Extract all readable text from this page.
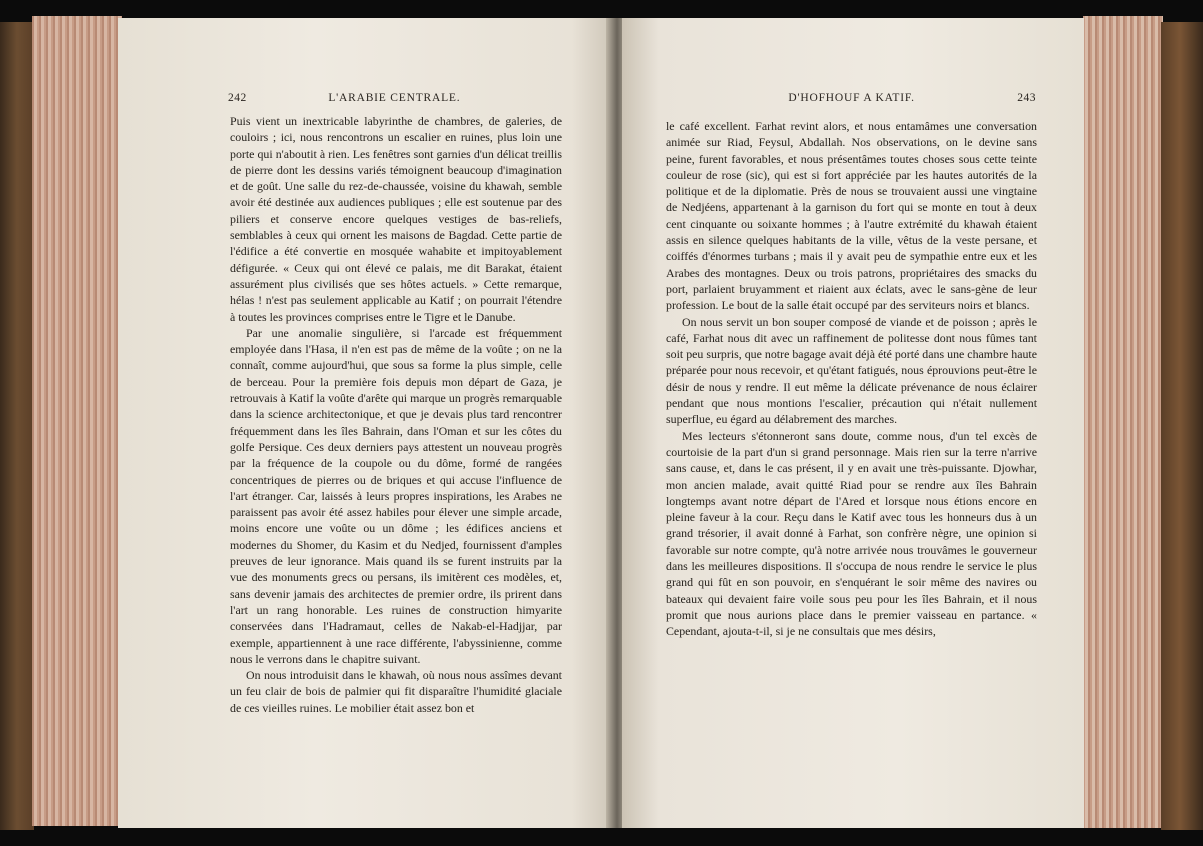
242	L'ARABIE CENTRALE.

Puis vient un inextricable labyrinthe de chambres, de galeries, de couloirs ; ici, nous rencontrons un escalier en ruines, plus loin une porte qui n'aboutit à rien. Les fenêtres sont garnies d'un délicat treillis de pierre dont les dessins variés témoignent beaucoup d'imagination et de goût. Une salle du rez-de-chaussée, voisine du khawah, semble avoir été destinée aux audiences publiques ; elle est soutenue par des piliers et conserve encore quelques vestiges de bas-reliefs, semblables à ceux qui ornent les maisons de Bagdad. Cette partie de l'édifice a été convertie en mosquée wahabite et impitoyablement défigurée. « Ceux qui ont élevé ce palais, me dit Barakat, étaient assurément plus civilisés que ses hôtes actuels. » Cette remarque, hélas ! n'est pas seulement applicable au Katif ; on pourrait l'étendre à toutes les provinces comprises entre le Tigre et le Danube.

Par une anomalie singulière, si l'arcade est fréquemment employée dans l'Hasa, il n'en est pas de même de la voûte ; on ne la connaît, comme aujourd'hui, que sous sa forme la plus simple, celle de berceau. Pour la première fois depuis mon départ de Gaza, je retrouvais à Katif la voûte d'arête qui marque un progrès remarquable dans la science architectonique, et que je devais plus tard rencontrer fréquemment dans les îles Bahrain, dans l'Oman et sur les côtes du golfe Persique. Ces deux derniers pays attestent un nouveau progrès par la fréquence de la coupole ou du dôme, formé de rangées concentriques de pierres ou de briques et qui accuse l'influence de l'art étranger. Car, laissés à leurs propres inspirations, les Arabes ne paraissent pas avoir été assez habiles pour élever une simple arcade, moins encore une voûte ou un dôme ; les édifices anciens et modernes du Shomer, du Kasim et du Nedjed, fournissent d'amples preuves de leur ignorance. Mais quand ils se furent instruits par la vue des monuments grecs ou persans, ils imitèrent ces modèles, et, sans devenir jamais des architectes de premier ordre, ils prirent dans l'art un rang honorable. Les ruines de construction himyarite conservées dans l'Hadramaut, celles de Nakab-el-Hadjjar, par exemple, appartiennent à une race différente, l'abyssinienne, comme nous le verrons dans le chapitre suivant.

On nous introduisit dans le khawah, où nous nous assîmes devant un feu clair de bois de palmier qui fit disparaître l'humidité glaciale de ces vieilles ruines. Le mobilier était assez bon et

D'HOFHOUF A KATIF.	243

le café excellent. Farhat revint alors, et nous entamâmes une conversation animée sur Riad, Feysul, Abdallah. Nos observations, on le devine sans peine, furent favorables, et nous présentâmes toutes choses sous cette teinte couleur de rose (sic), qui est si fort appréciée par les hautes autorités de la politique et de la diplomatie. Près de nous se trouvaient aussi une vingtaine de Nedjéens, appartenant à la garnison du fort qui se monte en tout à deux cent cinquante ou soixante hommes ; à l'autre extrémité du khawah étaient assis en silence quelques habitants de la ville, vêtus de la veste persane, et coiffés d'énormes turbans ; mais il y avait peu de sympathie entre eux et les Arabes des montagnes. Deux ou trois patrons, propriétaires des smacks du port, parlaient bruyamment et riaient aux éclats, avec le sans-gène de leur profession. Le bout de la salle était occupé par des serviteurs noirs et blancs.

On nous servit un bon souper composé de viande et de poisson ; après le café, Farhat nous dit avec un raffinement de politesse dont nous fûmes tant soit peu surpris, que notre bagage avait déjà été porté dans une chambre haute préparée pour nous recevoir, et qu'étant fatigués, nous éprouvions peut-être le désir de nous y rendre. Il eut même la délicate prévenance de nous éclairer pendant que nous montions l'escalier, précaution qui n'était nullement superflue, eu égard au délabrement des marches.

Mes lecteurs s'étonneront sans doute, comme nous, d'un tel excès de courtoisie de la part d'un si grand personnage. Mais rien sur la terre n'arrive sans cause, et, dans le cas présent, il y en avait une très-puissante. Djowhar, mon ancien malade, avait quitté Riad pour se rendre aux îles Bahrain longtemps avant notre départ de l'Ared et lorsque nous étions encore en pleine faveur à la cour. Reçu dans le Katif avec tous les honneurs dus à un grand trésorier, il avait donné à Farhat, son confrère nègre, une opinion si favorable sur notre compte, qu'à notre arrivée nous trouvâmes le gouverneur dans les meilleures dispositions. Il s'occupa de nous rendre le service le plus grand qui fût en son pouvoir, en s'enquérant le soir même des navires ou bateaux qui devaient faire voile sous peu pour les îles Bahrain, et il nous promit que nous aurions place dans le premier vaisseau en partance. « Cependant, ajouta-t-il, si je ne consultais que mes désirs,
